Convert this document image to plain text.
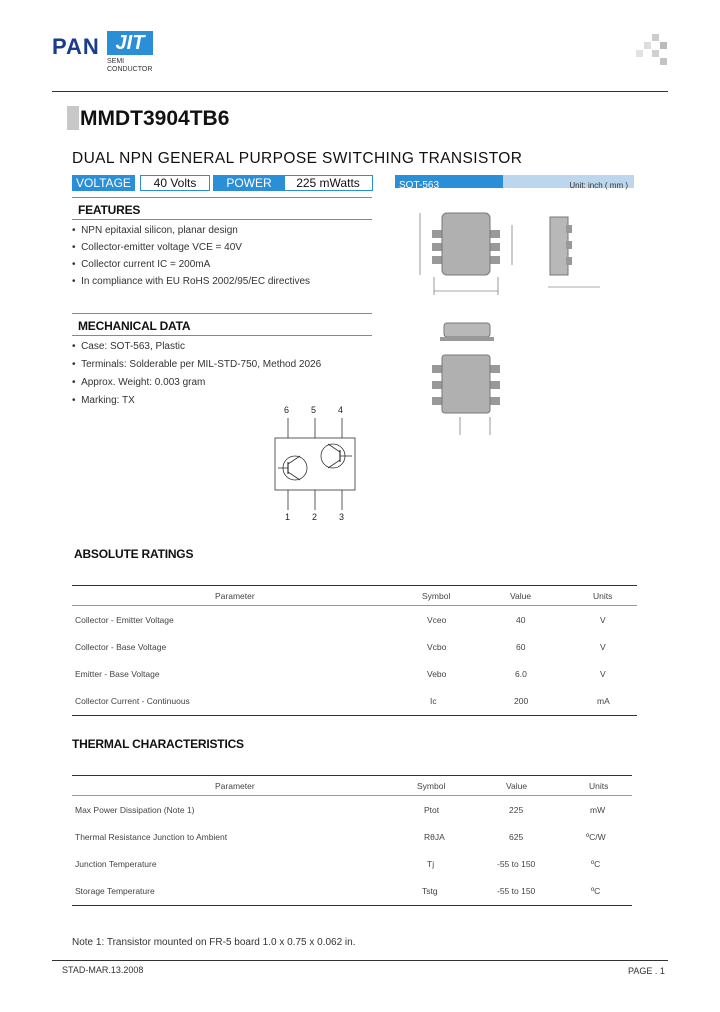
PAN JIT
SEMI
CONDUCTOR
MMDT3904TB6
DUAL NPN GENERAL PURPOSE SWITCHING TRANSISTOR
VOLTAGE	40 Volts	POWER	225 mWatts	SOT-563	Unit: inch ( mm )
FEATURES
•  NPN epitaxial silicon, planar design
•  Collector-emitter voltage VCE = 40V
•  Collector current IC = 200mA
•  In compliance with EU RoHS 2002/95/EC directives
MECHANICAL DATA
•  Case: SOT-563, Plastic
•  Terminals: Solderable per MIL-STD-750, Method 2026
•  Approx. Weight: 0.003 gram
•  Marking: TX
6 5 4
1 2 3
ABSOLUTE RATINGS
Parameter	Symbol	Value	Units
Collector - Emitter Voltage	Vceo	40	V
Collector - Base Voltage	Vcbo	60	V
Emitter - Base Voltage	Vebo	6.0	V
Collector Current - Continuous	Ic	200	mA
THERMAL CHARACTERISTICS
Parameter	Symbol	Value	Units
Max Power Dissipation (Note 1)	Ptot	225	mW
Thermal Resistance Junction to Ambient	RθJA	625	ºC/W
Junction Temperature	Tj	-55 to 150	ºC
Storage Temperature	Tstg	-55 to 150	ºC
Note 1: Transistor mounted on FR-5 board 1.0 x 0.75 x 0.062 in.
STAD-MAR.13.2008	PAGE . 1
